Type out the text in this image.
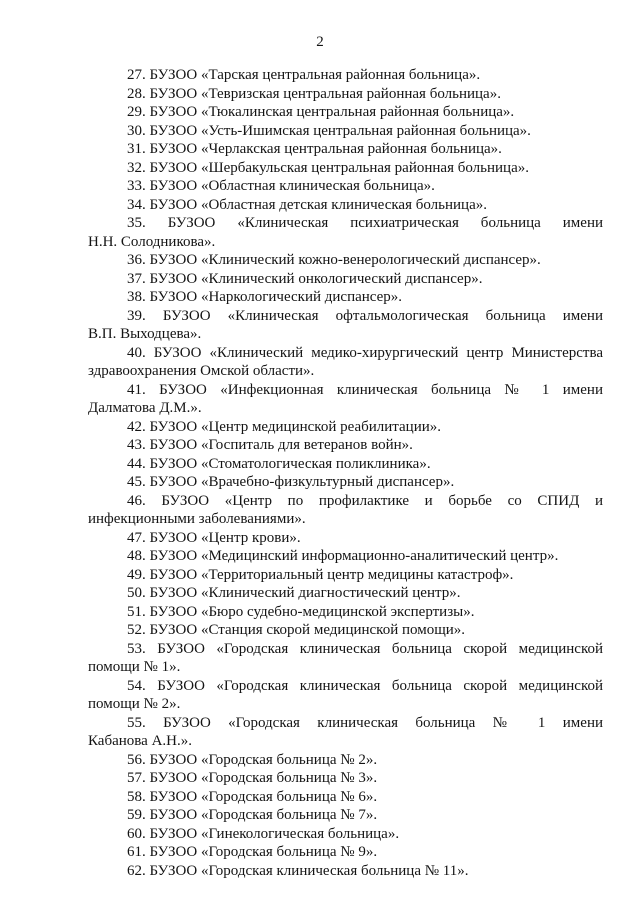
2
27. БУЗОО «Тарская центральная районная больница».
28. БУЗОО «Тевризская центральная районная больница».
29. БУЗОО «Тюкалинская центральная районная больница».
30. БУЗОО «Усть-Ишимская центральная районная больница».
31. БУЗОО «Черлакская центральная районная больница».
32. БУЗОО «Шербакульская центральная районная больница».
33. БУЗОО «Областная клиническая больница».
34. БУЗОО «Областная детская клиническая больница».
35. БУЗОО «Клиническая психиатрическая больница имени
Н.Н. Солодникова».
36. БУЗОО «Клинический кожно-венерологический диспансер».
37. БУЗОО «Клинический онкологический диспансер».
38. БУЗОО «Наркологический диспансер».
39. БУЗОО «Клиническая офтальмологическая больница имени
В.П. Выходцева».
40. БУЗОО «Клинический медико-хирургический центр Министерства
здравоохранения Омской области».
41. БУЗОО «Инфекционная клиническая больница № 1 имени
Далматова Д.М.».
42. БУЗОО «Центр медицинской реабилитации».
43. БУЗОО «Госпиталь для ветеранов войн».
44. БУЗОО «Стоматологическая поликлиника».
45. БУЗОО «Врачебно-физкультурный диспансер».
46. БУЗОО «Центр по профилактике и борьбе со СПИД и
инфекционными заболеваниями».
47. БУЗОО «Центр крови».
48. БУЗОО «Медицинский информационно-аналитический центр».
49. БУЗОО «Территориальный центр медицины катастроф».
50. БУЗОО «Клинический диагностический центр».
51. БУЗОО «Бюро судебно-медицинской экспертизы».
52. БУЗОО «Станция скорой медицинской помощи».
53. БУЗОО «Городская клиническая больница скорой медицинской
помощи № 1».
54. БУЗОО «Городская клиническая больница скорой медицинской
помощи № 2».
55. БУЗОО «Городская клиническая больница № 1 имени
Кабанова А.Н.».
56. БУЗОО «Городская больница № 2».
57. БУЗОО «Городская больница № 3».
58. БУЗОО «Городская больница № 6».
59. БУЗОО «Городская больница № 7».
60. БУЗОО «Гинекологическая больница».
61. БУЗОО «Городская больница № 9».
62. БУЗОО «Городская клиническая больница № 11».
